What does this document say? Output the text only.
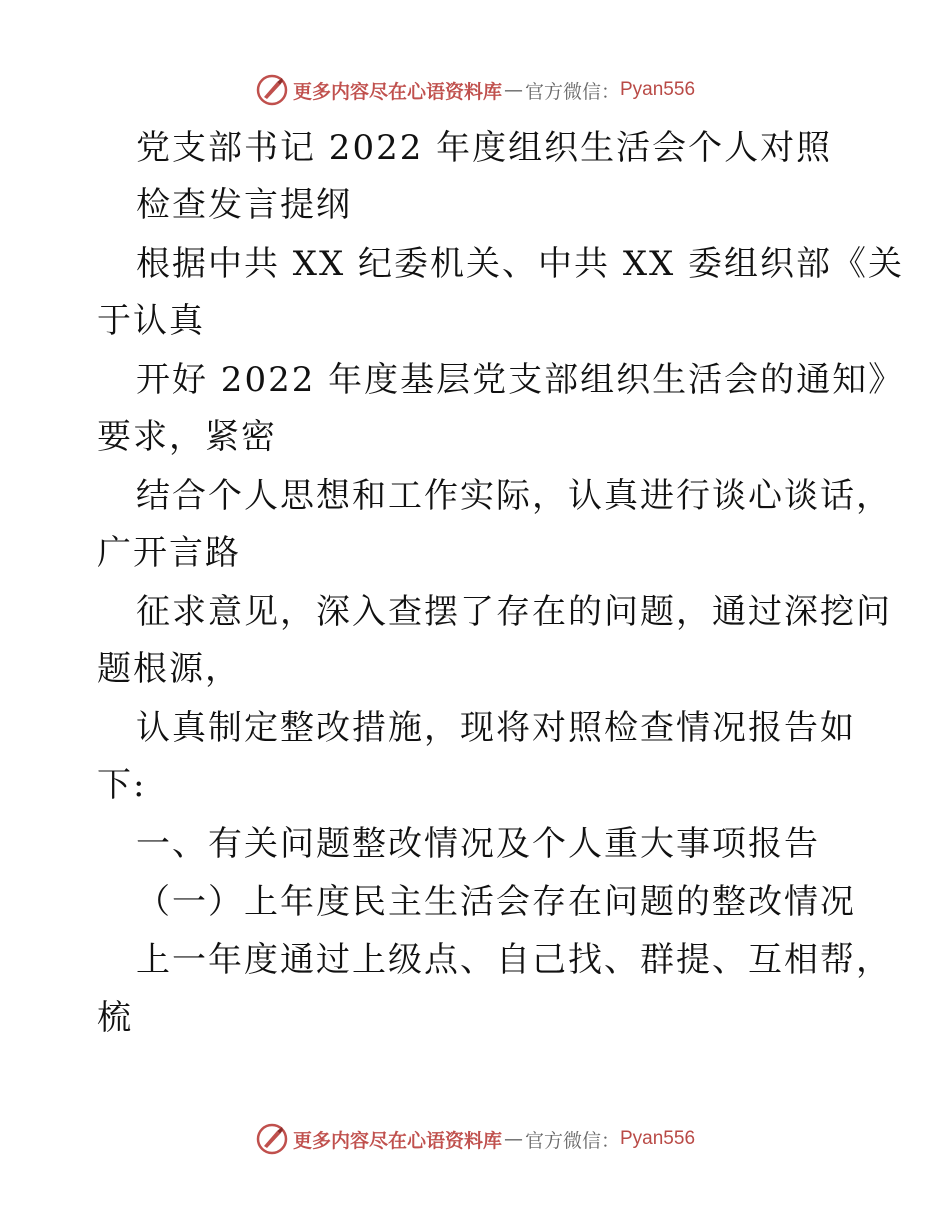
更多内容尽在心语资料库 — 官方微信： Pyan556
党支部书记 2022 年度组织生活会个人对照
检查发言提纲
根据中共 XX 纪委机关、中共 XX 委组织部《关
于认真
开好 2022 年度基层党支部组织生活会的通知》
要求，紧密
结合个人思想和工作实际，认真进行谈心谈话，
广开言路
征求意见，深入查摆了存在的问题，通过深挖问
题根源，
认真制定整改措施，现将对照检查情况报告如
下:
一、有关问题整改情况及个人重大事项报告
（一）上年度民主生活会存在问题的整改情况
上一年度通过上级点、自己找、群提、互相帮，
梳
更多内容尽在心语资料库 — 官方微信： Pyan556
